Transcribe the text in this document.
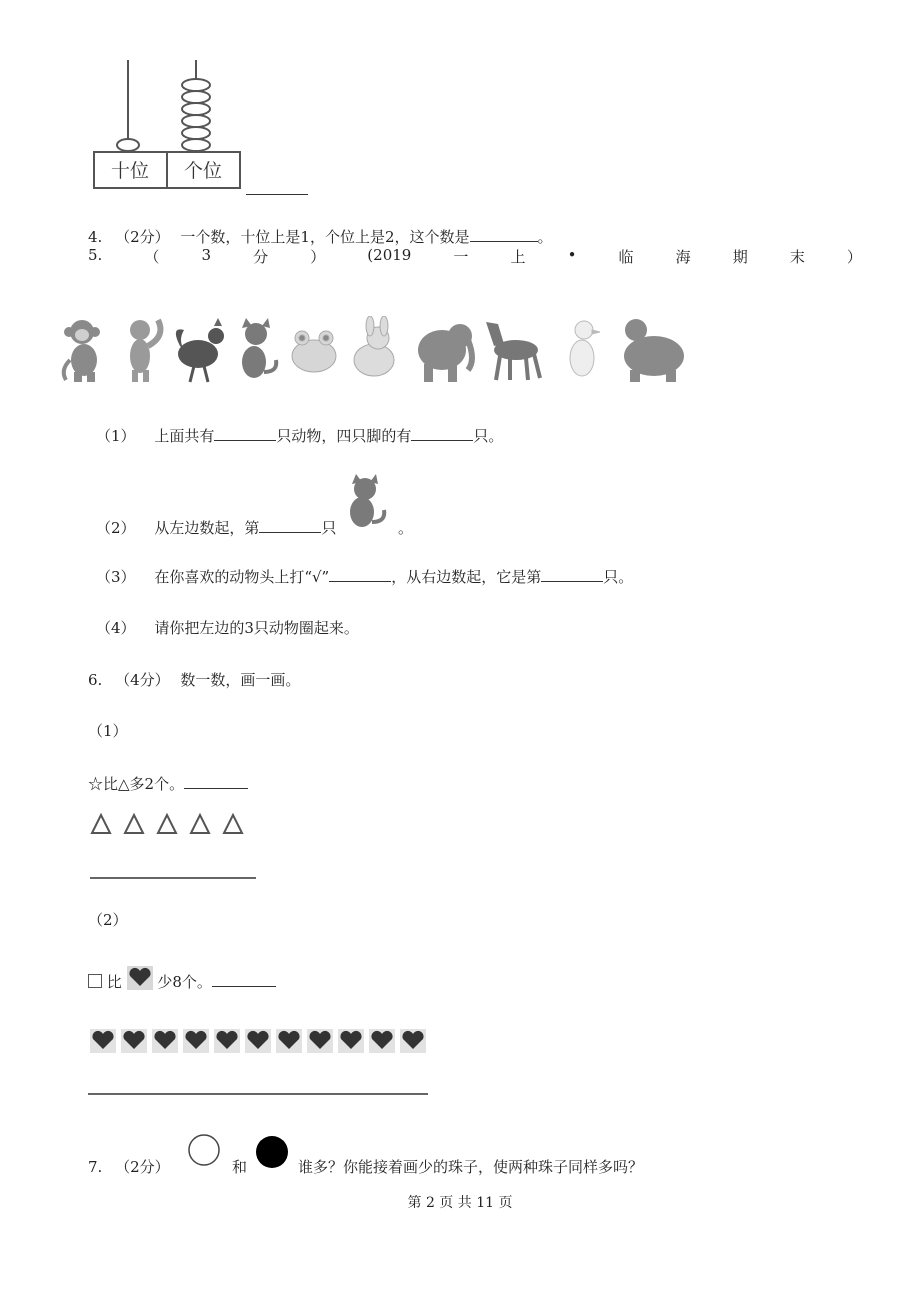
十位 个位
4. （2分） 一个数，十位上是1，个位上是2，这个数是	。
5.	（	3	分	）	(2019	一	上	•	临	海	期	末	）
（1） 上面共有	只动物，四只脚的有	只。
（2） 从左边数起，第	只	。
（3） 在你喜欢的动物头上打“√”	，从右边数起，它是第	只。
（4） 请你把左边的3只动物圈起来。
6. （4分） 数一数，画一画。
（1）
☆比△多2个。
（2）
比 少8个。
7. （2分）	和	谁多？你能接着画少的珠子，使两种珠子同样多吗？
第 2 页 共 11 页
